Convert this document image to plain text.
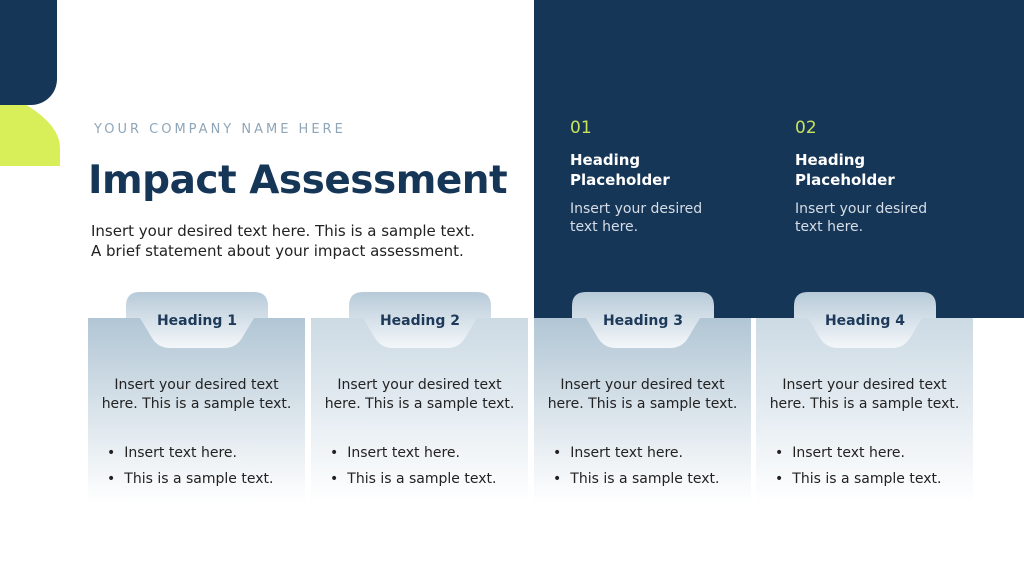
YOUR COMPANY NAME HERE
Impact Assessment
Insert your desired text here. This is a sample text.
A brief statement about your impact assessment.
01
Heading
Placeholder
Insert your desired
text here.
02
Heading
Placeholder
Insert your desired
text here.
Heading 1
Insert your desired text
here. This is a sample text.
• Insert text here.
• This is a sample text.
Heading 2
Insert your desired text
here. This is a sample text.
• Insert text here.
• This is a sample text.
Heading 3
Insert your desired text
here. This is a sample text.
• Insert text here.
• This is a sample text.
Heading 4
Insert your desired text
here. This is a sample text.
• Insert text here.
• This is a sample text.
